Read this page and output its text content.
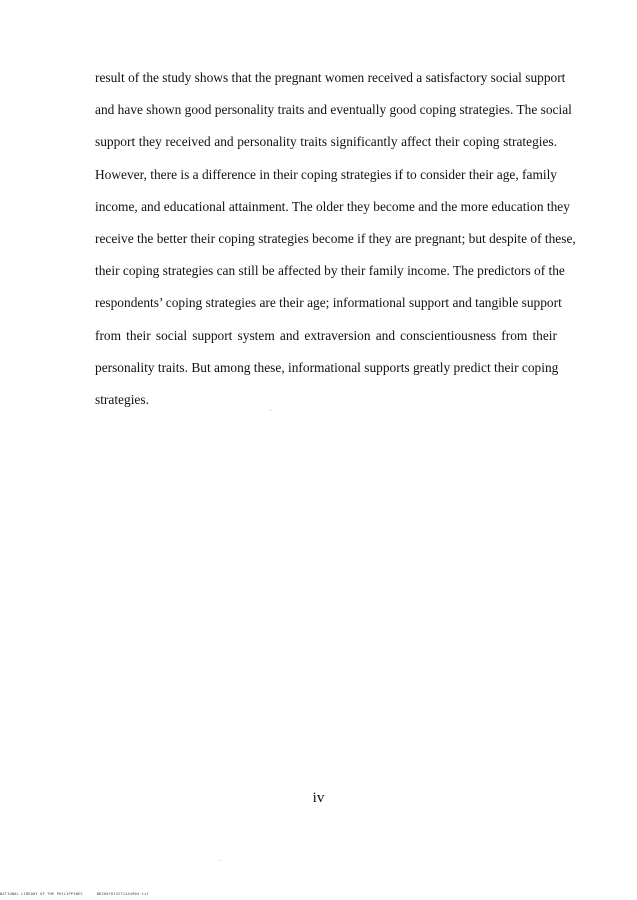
result of the study shows that the pregnant women received a satisfactory social support
and have shown good personality traits and eventually good coping strategies. The social
support they received and personality traits significantly affect their coping strategies.
However, there is a difference in their coping strategies if to consider their age, family
income, and educational attainment. The older they become and the more education they
receive the better their coping strategies become if they are pregnant; but despite of these,
their coping strategies can still be affected by their family income. The predictors of the
respondents’ coping strategies are their age; informational support and tangible support
from their social support system and extraversion and conscientiousness from their
personality traits. But among these, informational supports greatly predict their coping
strategies.

iv

NATIONAL LIBRARY OF THE PHILIPPINES	BD2007074271444904.tif
